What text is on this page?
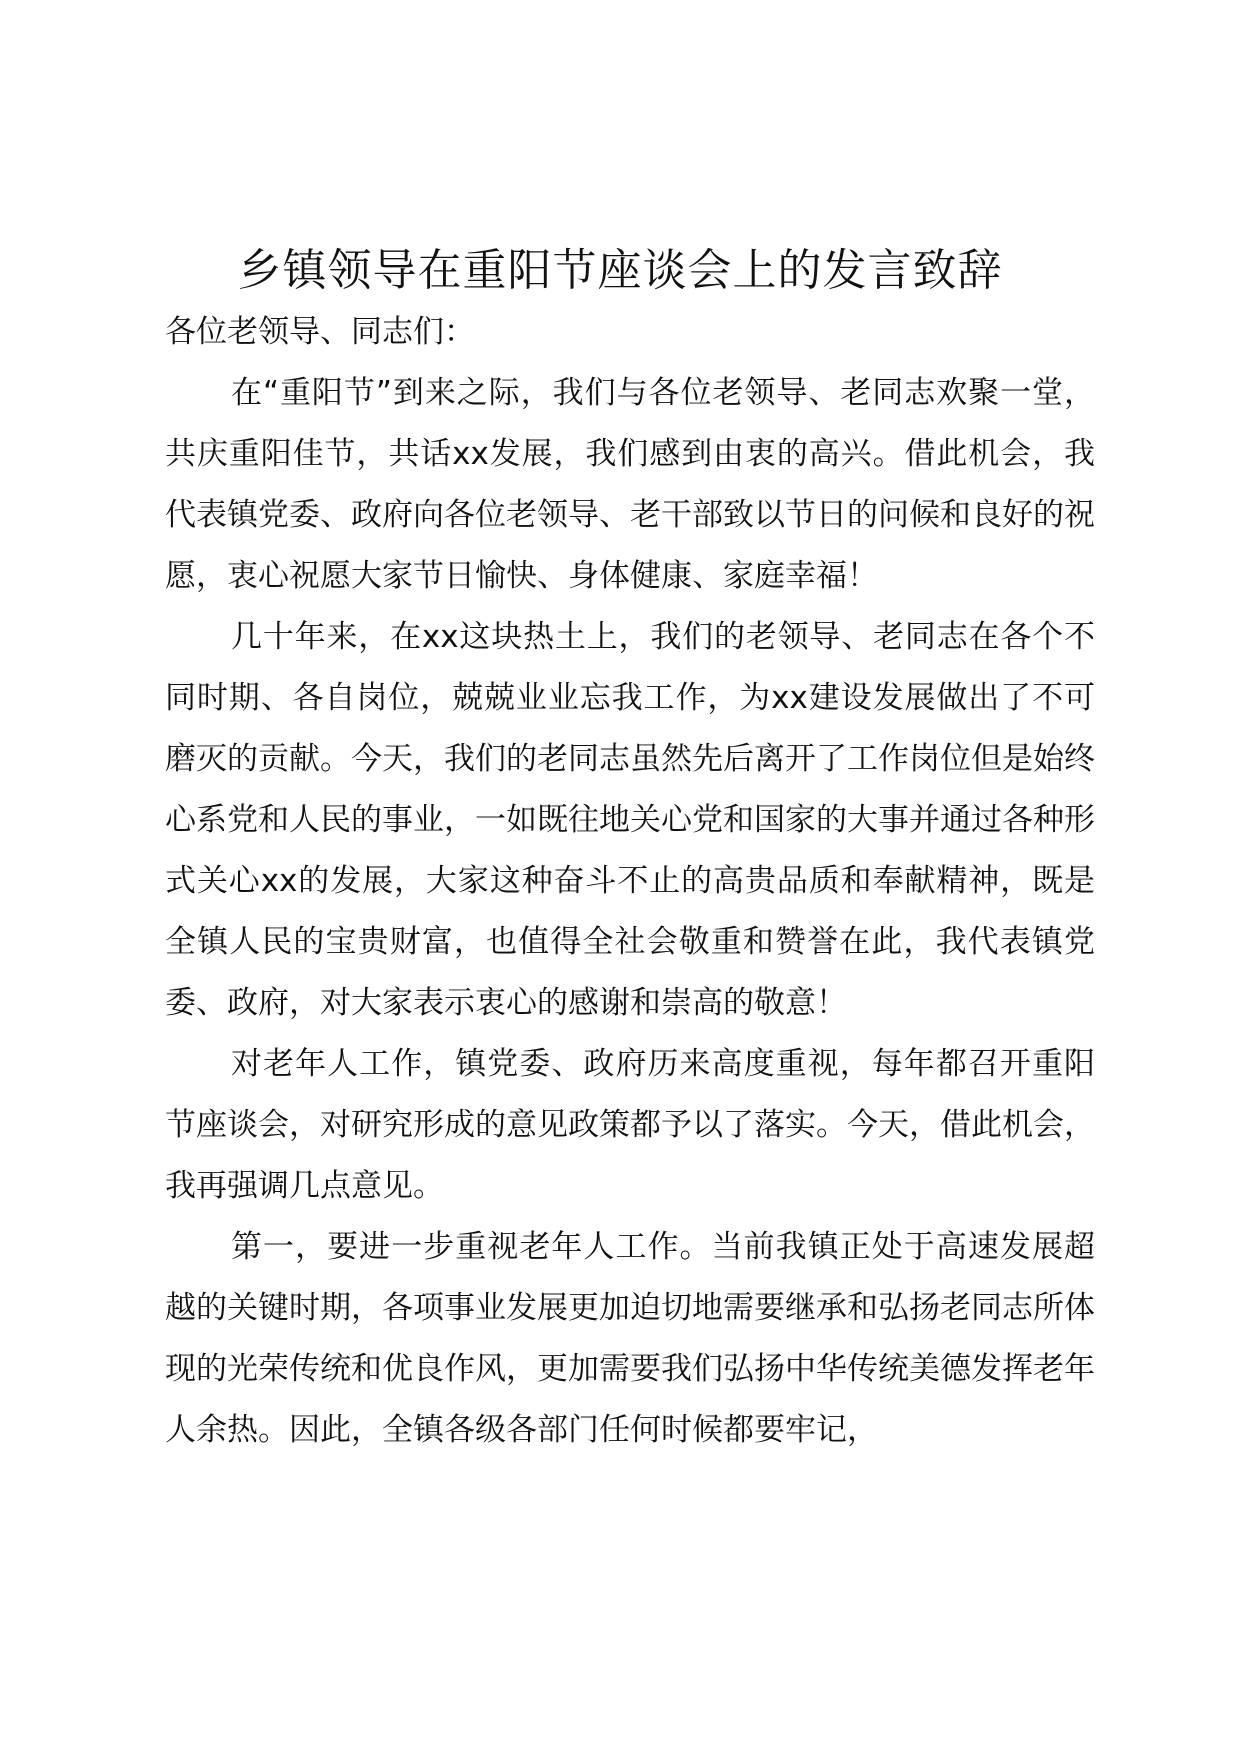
乡镇领导在重阳节座谈会上的发言致辞

各位老领导、同志们：

在“重阳节”到来之际，我们与各位老领导、老同志欢聚一堂，共庆重阳佳节，共话xx发展，我们感到由衷的高兴。借此机会，我代表镇党委、政府向各位老领导、老干部致以节日的问候和良好的祝愿，衷心祝愿大家节日愉快、身体健康、家庭幸福！

几十年来，在xx这块热土上，我们的老领导、老同志在各个不同时期、各自岗位，兢兢业业忘我工作，为xx建设发展做出了不可磨灭的贡献。今天，我们的老同志虽然先后离开了工作岗位但是始终心系党和人民的事业，一如既往地关心党和国家的大事并通过各种形式关心xx的发展，大家这种奋斗不止的高贵品质和奉献精神，既是全镇人民的宝贵财富，也值得全社会敬重和赞誉在此，我代表镇党委、政府，对大家表示衷心的感谢和崇高的敬意！

对老年人工作，镇党委、政府历来高度重视，每年都召开重阳节座谈会，对研究形成的意见政策都予以了落实。今天，借此机会，我再强调几点意见。

第一，要进一步重视老年人工作。当前我镇正处于高速发展超越的关键时期，各项事业发展更加迫切地需要继承和弘扬老同志所体现的光荣传统和优良作风，更加需要我们弘扬中华传统美德发挥老年人余热。因此，全镇各级各部门任何时候都要牢记，
